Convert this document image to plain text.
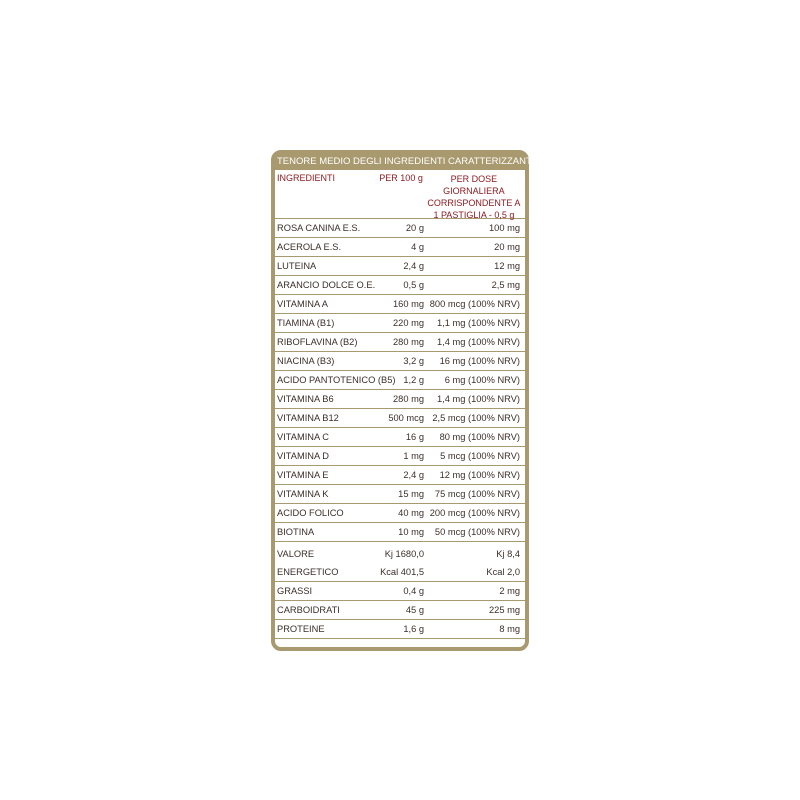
TENORE MEDIO DEGLI INGREDIENTI CARATTERIZZANTI
INGREDIENTI	PER 100 g	PER DOSE GIORNALIERA
CORRISPONDENTE A
1 PASTIGLIA - 0,5 g
ROSA CANINA E.S.	20 g	100 mg
ACEROLA E.S.	4 g	20 mg
LUTEINA	2,4 g	12 mg
ARANCIO DOLCE O.E.	0,5 g	2,5 mg
VITAMINA A	160 mg 800 mcg (100% NRV)
TIAMINA (B1)	220 mg	1,1 mg (100% NRV)
RIBOFLAVINA (B2)	280 mg	1,4 mg (100% NRV)
NIACINA (B3)	3,2 g	16 mg (100% NRV)
ACIDO PANTOTENICO (B5) 1,2 g	6 mg (100% NRV)
VITAMINA B6	280 mg	1,4 mg (100% NRV)
VITAMINA B12	500 mcg 2,5 mcg (100% NRV)
VITAMINA C	16 g	80 mg (100% NRV)
VITAMINA D	1 mg	5 mcg (100% NRV)
VITAMINA E	2,4 g	12 mg (100% NRV)
VITAMINA K	15 mg	75 mcg (100% NRV)
ACIDO FOLICO	40 mg 200 mcg (100% NRV)
BIOTINA	10 mg	50 mcg (100% NRV)
VALORE	Kj 1680,0	Kj 8,4
ENERGETICO	Kcal 401,5	Kcal 2,0
GRASSI	0,4 g	2 mg
CARBOIDRATI	45 g	225 mg
PROTEINE	1,6 g	8 mg
